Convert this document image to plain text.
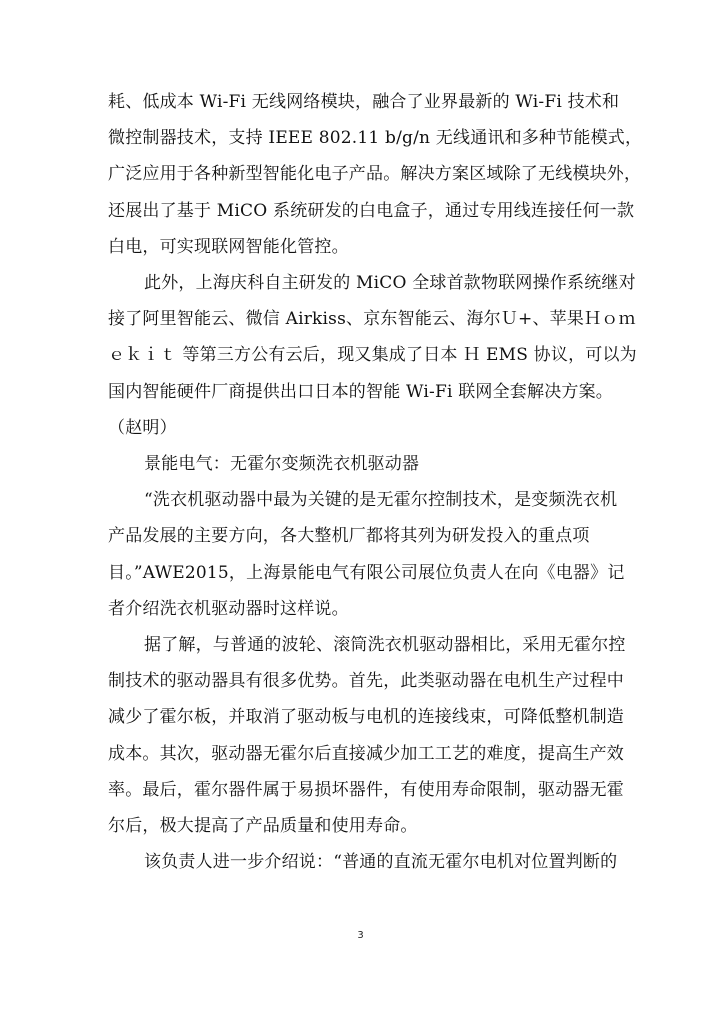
耗、低成本 Wi-Fi 无线网络模块，融合了业界最新的 Wi-Fi 技术和
微控制器技术，支持 IEEE 802.11 b/g/n 无线通讯和多种节能模式，
广泛应用于各种新型智能化电子产品。解决方案区域除了无线模块外，
还展出了基于 MiCO 系统研发的白电盒子，通过专用线连接任何一款
白电，可实现联网智能化管控。
此外，上海庆科自主研发的 MiCO 全球首款物联网操作系统继对
接了阿里智能云、微信 Airkiss、京东智能云、海尔Ｕ+、苹果Ｈｏｍ
ｅｋｉｔ 等第三方公有云后，现又集成了日本 Ｈ EMS 协议，可以为
国内智能硬件厂商提供出口日本的智能 Wi-Fi 联网全套解决方案。
（赵明）
景能电气：无霍尔变频洗衣机驱动器
“洗衣机驱动器中最为关键的是无霍尔控制技术，是变频洗衣机
产品发展的主要方向，各大整机厂都将其列为研发投入的重点项
目。”AWE2015，上海景能电气有限公司展位负责人在向《电器》记
者介绍洗衣机驱动器时这样说。
据了解，与普通的波轮、滚筒洗衣机驱动器相比，采用无霍尔控
制技术的驱动器具有很多优势。首先，此类驱动器在电机生产过程中
减少了霍尔板，并取消了驱动板与电机的连接线束，可降低整机制造
成本。其次，驱动器无霍尔后直接减少加工工艺的难度，提高生产效
率。最后，霍尔器件属于易损坏器件，有使用寿命限制，驱动器无霍
尔后，极大提高了产品质量和使用寿命。
该负责人进一步介绍说：“普通的直流无霍尔电机对位置判断的
3
